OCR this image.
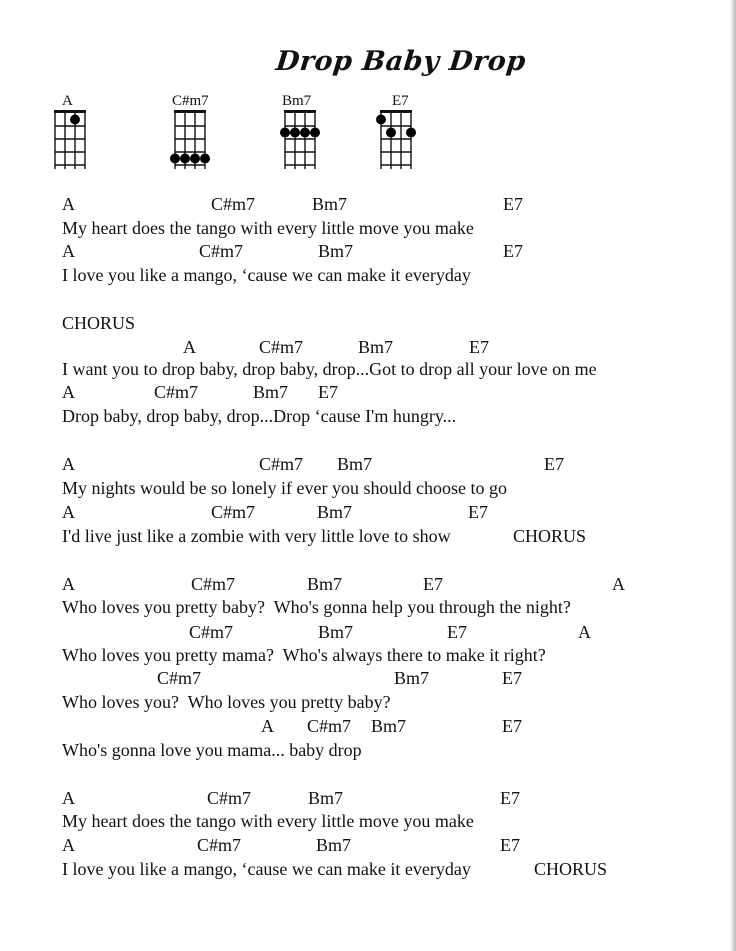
Drop Baby Drop
A	C#m7	Bm7	E7
A	C#m7	Bm7	E7
My heart does the tango with every little move you make
A	C#m7	Bm7	E7
I love you like a mango, ‘cause we can make it everyday
CHORUS
A	C#m7	Bm7	E7
I want you to drop baby, drop baby, drop...Got to drop all your love on me
A	C#m7	Bm7 E7
Drop baby, drop baby, drop...Drop ‘cause I'm hungry...
A	C#m7 Bm7	E7
My nights would be so lonely if ever you should choose to go
A	C#m7	Bm7	E7
I'd live just like a zombie with very little love to show	CHORUS
A	C#m7	Bm7	E7	A
Who loves you pretty baby?  Who's gonna help you through the night?
C#m7	Bm7	E7	A
Who loves you pretty mama?  Who's always there to make it right?
C#m7	Bm7	E7
Who loves you?  Who loves you pretty baby?
A C#m7 Bm7	E7
Who's gonna love you mama... baby drop
A	C#m7	Bm7	E7
My heart does the tango with every little move you make
A	C#m7	Bm7	E7
I love you like a mango, ‘cause we can make it everyday	CHORUS
